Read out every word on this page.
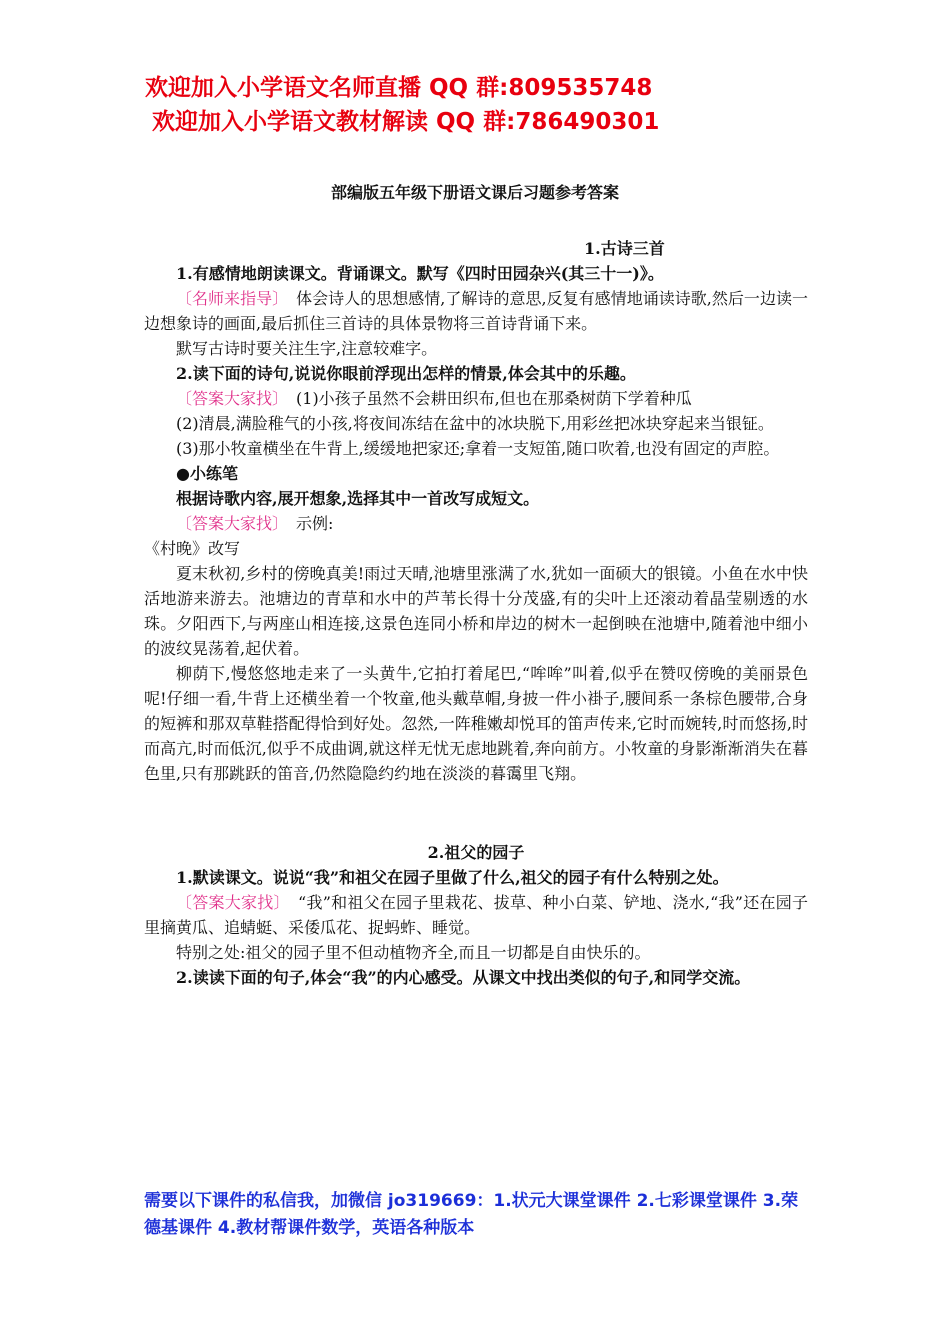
欢迎加入小学语文名师直播 QQ 群:809535748
欢迎加入小学语文教材解读 QQ 群:786490301
部编版五年级下册语文课后习题参考答案
1.古诗三首

1.有感情地朗读课文。背诵课文。默写《四时田园杂兴(其三十一)》。

〔名师来指导〕　体会诗人的思想感情,了解诗的意思,反复有感情地诵读诗歌,然后一边读一边想象诗的画面,最后抓住三首诗的具体景物将三首诗背诵下来。

默写古诗时要关注生字,注意较难字。

2.读下面的诗句,说说你眼前浮现出怎样的情景,体会其中的乐趣。

〔答案大家找〕　(1)小孩子虽然不会耕田织布,但也在那桑树荫下学着种瓜

(2)清晨,满脸稚气的小孩,将夜间冻结在盆中的冰块脱下,用彩丝把冰块穿起来当银钲。

(3)那小牧童横坐在牛背上,缓缓地把家还;拿着一支短笛,随口吹着,也没有固定的声腔。

●小练笔

根据诗歌内容,展开想象,选择其中一首改写成短文。

〔答案大家找〕　示例:

《村晚》改写

夏末秋初,乡村的傍晚真美!雨过天晴,池塘里涨满了水,犹如一面硕大的银镜。小鱼在水中快活地游来游去。池塘边的青草和水中的芦苇长得十分茂盛,有的尖叶上还滚动着晶莹剔透的水珠。夕阳西下,与两座山相连接,这景色连同小桥和岸边的树木一起倒映在池塘中,随着池中细小的波纹晃荡着,起伏着。

柳荫下,慢悠悠地走来了一头黄牛,它拍打着尾巴,“哞哞”叫着,似乎在赞叹傍晚的美丽景色呢!仔细一看,牛背上还横坐着一个牧童,他头戴草帽,身披一件小褂子,腰间系一条棕色腰带,合身的短裤和那双草鞋搭配得恰到好处。忽然,一阵稚嫩却悦耳的笛声传来,它时而婉转,时而悠扬,时而高亢,时而低沉,似乎不成曲调,就这样无忧无虑地跳着,奔向前方。小牧童的身影渐渐消失在暮色里,只有那跳跃的笛音,仍然隐隐约约地在淡淡的暮霭里飞翔。

2.祖父的园子

1.默读课文。说说“我”和祖父在园子里做了什么,祖父的园子有什么特别之处。

〔答案大家找〕　“我”和祖父在园子里栽花、拔草、种小白菜、铲地、浇水,“我”还在园子里摘黄瓜、追蜻蜓、采倭瓜花、捉蚂蚱、睡觉。

特别之处:祖父的园子里不但动植物齐全,而且一切都是自由快乐的。

2.读读下面的句子,体会“我”的内心感受。从课文中找出类似的句子,和同学交流。

需要以下课件的私信我，加微信 jo319669：1.状元大课堂课件 2.七彩课堂课件 3.荣德基课件 4.教材帮课件数学，英语各种版本
